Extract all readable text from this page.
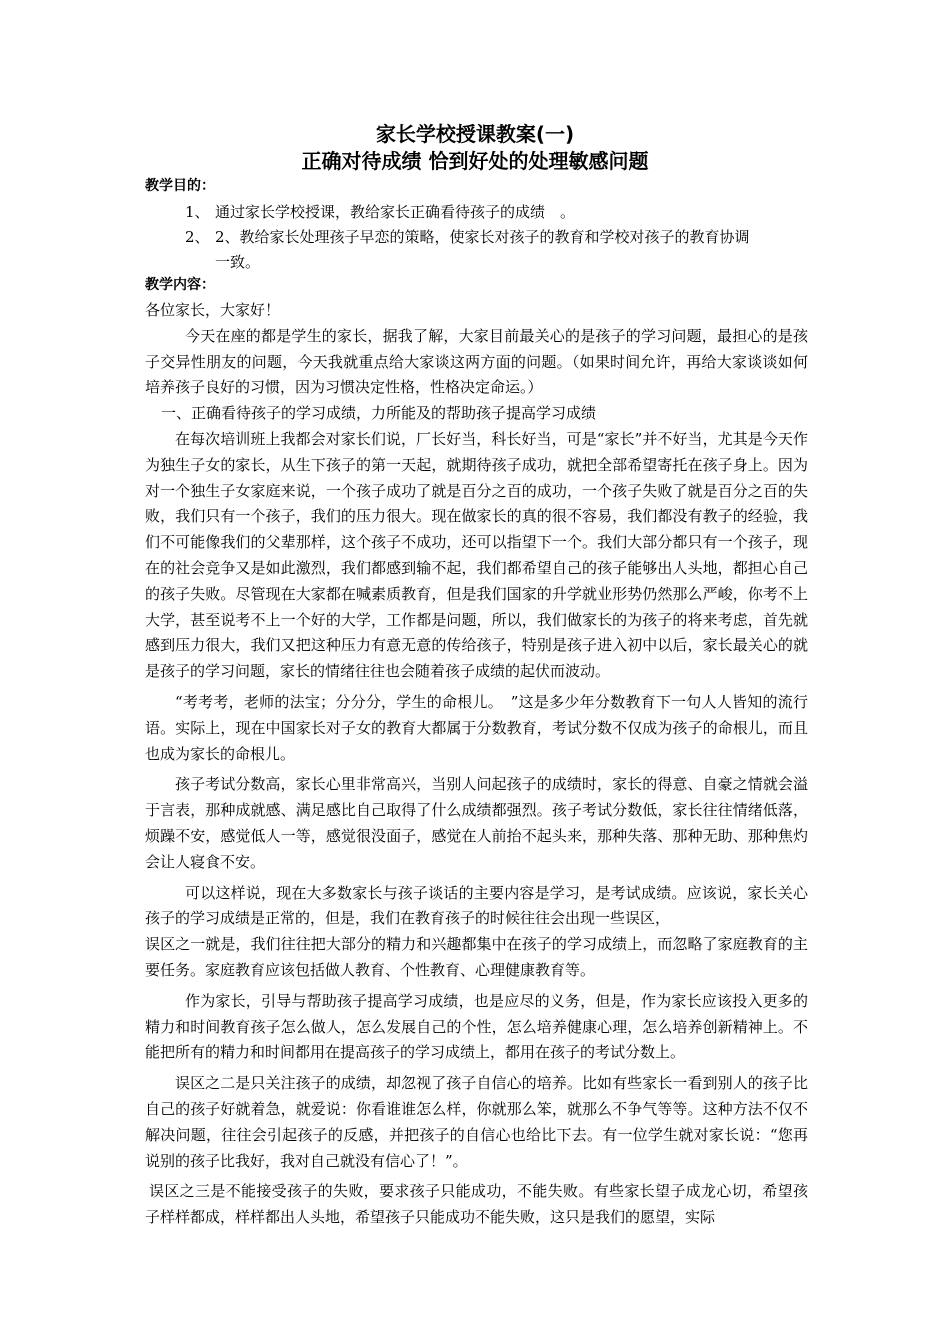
家长学校授课教案(一)
正确对待成绩 恰到好处的处理敏感问题
教学目的：
1、 通过家长学校授课，教给家长正确看待孩子的成绩　。
2、 2、教给家长处理孩子早恋的策略，使家长对孩子的教育和学校对孩子的教育协调
一致。
教学内容：

各位家长，大家好！

今天在座的都是学生的家长，据我了解，大家目前最关心的是孩子的学习问题，最担心的是孩子交异性朋友的问题，今天我就重点给大家谈这两方面的问题。（如果时间允许，再给大家谈谈如何培养孩子良好的习惯，因为习惯决定性格，性格决定命运。）

一、正确看待孩子的学习成绩，力所能及的帮助孩子提高学习成绩

在每次培训班上我都会对家长们说，厂长好当，科长好当，可是“家长”并不好当，尤其是今天作为独生子女的家长，从生下孩子的第一天起，就期待孩子成功，就把全部希望寄托在孩子身上。因为对一个独生子女家庭来说，一个孩子成功了就是百分之百的成功，一个孩子失败了就是百分之百的失败，我们只有一个孩子，我们的压力很大。现在做家长的真的很不容易，我们都没有教子的经验，我们不可能像我们的父辈那样，这个孩子不成功，还可以指望下一个。我们大部分都只有一个孩子，现在的社会竞争又是如此激烈，我们都感到输不起，我们都希望自己的孩子能够出人头地，都担心自己的孩子失败。尽管现在大家都在喊素质教育，但是我们国家的升学就业形势仍然那么严峻，你考不上大学，甚至说考不上一个好的大学，工作都是问题，所以，我们做家长的为孩子的将来考虑，首先就感到压力很大，我们又把这种压力有意无意的传给孩子，特别是孩子进入初中以后，家长最关心的就是孩子的学习问题，家长的情绪往往也会随着孩子成绩的起伏而波动。

“考考考，老师的法宝；分分分，学生的命根儿。　”这是多少年分数教育下一句人人皆知的流行语。实际上，现在中国家长对子女的教育大都属于分数教育，考试分数不仅成为孩子的命根儿，而且也成为家长的命根儿。

孩子考试分数高，家长心里非常高兴，当别人问起孩子的成绩时，家长的得意、自豪之情就会溢于言表，那种成就感、满足感比自己取得了什么成绩都强烈。孩子考试分数低，家长往往情绪低落，烦躁不安，感觉低人一等，感觉很没面子，感觉在人前抬不起头来，那种失落、那种无助、那种焦灼会让人寝食不安。

可以这样说，现在大多数家长与孩子谈话的主要内容是学习，是考试成绩。应该说，家长关心孩子的学习成绩是正常的，但是，我们在教育孩子的时候往往会出现一些误区，

误区之一就是，我们往往把大部分的精力和兴趣都集中在孩子的学习成绩上，而忽略了家庭教育的主要任务。家庭教育应该包括做人教育、个性教育、心理健康教育等。

作为家长，引导与帮助孩子提高学习成绩，也是应尽的义务，但是，作为家长应该投入更多的精力和时间教育孩子怎么做人，怎么发展自己的个性，怎么培养健康心理，怎么培养创新精神上。不能把所有的精力和时间都用在提高孩子的学习成绩上，都用在孩子的考试分数上。

误区之二是只关注孩子的成绩，却忽视了孩子自信心的培养。比如有些家长一看到别人的孩子比自己的孩子好就着急，就爱说：你看谁谁怎么样，你就那么笨，就那么不争气等等。这种方法不仅不解决问题，往往会引起孩子的反感，并把孩子的自信心也给比下去。有一位学生就对家长说：“您再说别的孩子比我好，我对自己就没有信心了！”。

误区之三是不能接受孩子的失败，要求孩子只能成功，不能失败。有些家长望子成龙心切，希望孩子样样都成，样样都出人头地，希望孩子只能成功不能失败，这只是我们的愿望，实际
